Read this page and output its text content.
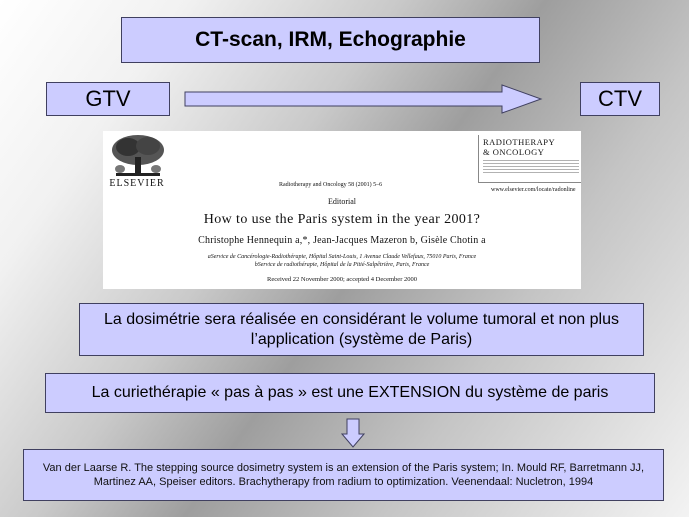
CT-scan, IRM, Echographie
GTV	CTV
ELSEVIER	Radiotherapy and Oncology 58 (2001) 5–6
RADIOTHERAPY
& ONCOLOGY
www.elsevier.com/locate/radonline
Editorial
How to use the Paris system in the year 2001?
Christophe Hennequin a,*, Jean-Jacques Mazeron b, Gisèle Chotin a
aService de Cancérologie-Radiothérapie, Hôpital Saint-Louis, 1 Avenue Claude Vellefaux, 75010 Paris, France
bService de radiothérapie, Hôpital de la Pitié-Salpêtrière, Paris, France
Received 22 November 2000; accepted 4 December 2000
La dosimétrie sera réalisée en considérant le volume tumoral et non plus l’application (système de Paris)
La curiethérapie « pas à pas » est une EXTENSION du système de paris
Van der Laarse R. The stepping source dosimetry system is an extension of the Paris system; In. Mould RF, Barretmann JJ, Martinez AA, Speiser editors. Brachytherapy from radium to optimization. Veenendaal: Nucletron, 1994
